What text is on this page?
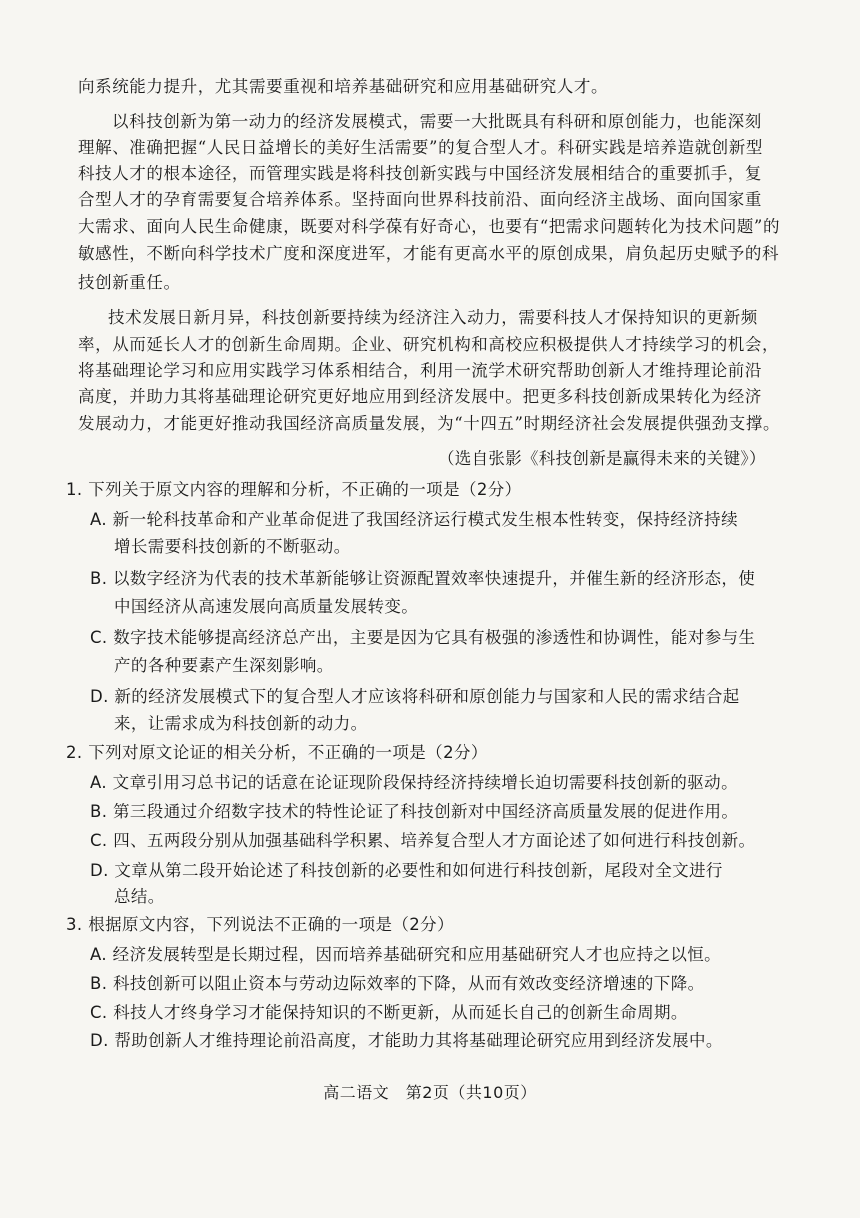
向系统能力提升，尤其需要重视和培养基础研究和应用基础研究人才。
以科技创新为第一动力的经济发展模式，需要一大批既具有科研和原创能力，也能深刻
理解、准确把握“人民日益增长的美好生活需要”的复合型人才。科研实践是培养造就创新型
科技人才的根本途径，而管理实践是将科技创新实践与中国经济发展相结合的重要抓手，复
合型人才的孕育需要复合培养体系。坚持面向世界科技前沿、面向经济主战场、面向国家重
大需求、面向人民生命健康，既要对科学葆有好奇心，也要有“把需求问题转化为技术问题”的
敏感性，不断向科学技术广度和深度进军，才能有更高水平的原创成果，肩负起历史赋予的科
技创新重任。
技术发展日新月异，科技创新要持续为经济注入动力，需要科技人才保持知识的更新频
率，从而延长人才的创新生命周期。企业、研究机构和高校应积极提供人才持续学习的机会，
将基础理论学习和应用实践学习体系相结合，利用一流学术研究帮助创新人才维持理论前沿
高度，并助力其将基础理论研究更好地应用到经济发展中。把更多科技创新成果转化为经济
发展动力，才能更好推动我国经济高质量发展，为“十四五”时期经济社会发展提供强劲支撑。
（选自张影《科技创新是赢得未来的关键》）
1. 下列关于原文内容的理解和分析，不正确的一项是（2分）
A. 新一轮科技革命和产业革命促进了我国经济运行模式发生根本性转变，保持经济持续
增长需要科技创新的不断驱动。
B. 以数字经济为代表的技术革新能够让资源配置效率快速提升，并催生新的经济形态，使
中国经济从高速发展向高质量发展转变。
C. 数字技术能够提高经济总产出，主要是因为它具有极强的渗透性和协调性，能对参与生
产的各种要素产生深刻影响。
D. 新的经济发展模式下的复合型人才应该将科研和原创能力与国家和人民的需求结合起
来，让需求成为科技创新的动力。
2. 下列对原文论证的相关分析，不正确的一项是（2分）
A. 文章引用习总书记的话意在论证现阶段保持经济持续增长迫切需要科技创新的驱动。
B. 第三段通过介绍数字技术的特性论证了科技创新对中国经济高质量发展的促进作用。
C. 四、五两段分别从加强基础科学积累、培养复合型人才方面论述了如何进行科技创新。
D. 文章从第二段开始论述了科技创新的必要性和如何进行科技创新，尾段对全文进行
总结。
3. 根据原文内容，下列说法不正确的一项是（2分）
A. 经济发展转型是长期过程，因而培养基础研究和应用基础研究人才也应持之以恒。
B. 科技创新可以阻止资本与劳动边际效率的下降，从而有效改变经济增速的下降。
C. 科技人才终身学习才能保持知识的不断更新，从而延长自己的创新生命周期。
D. 帮助创新人才维持理论前沿高度，才能助力其将基础理论研究应用到经济发展中。
高二语文　第2页（共10页）
